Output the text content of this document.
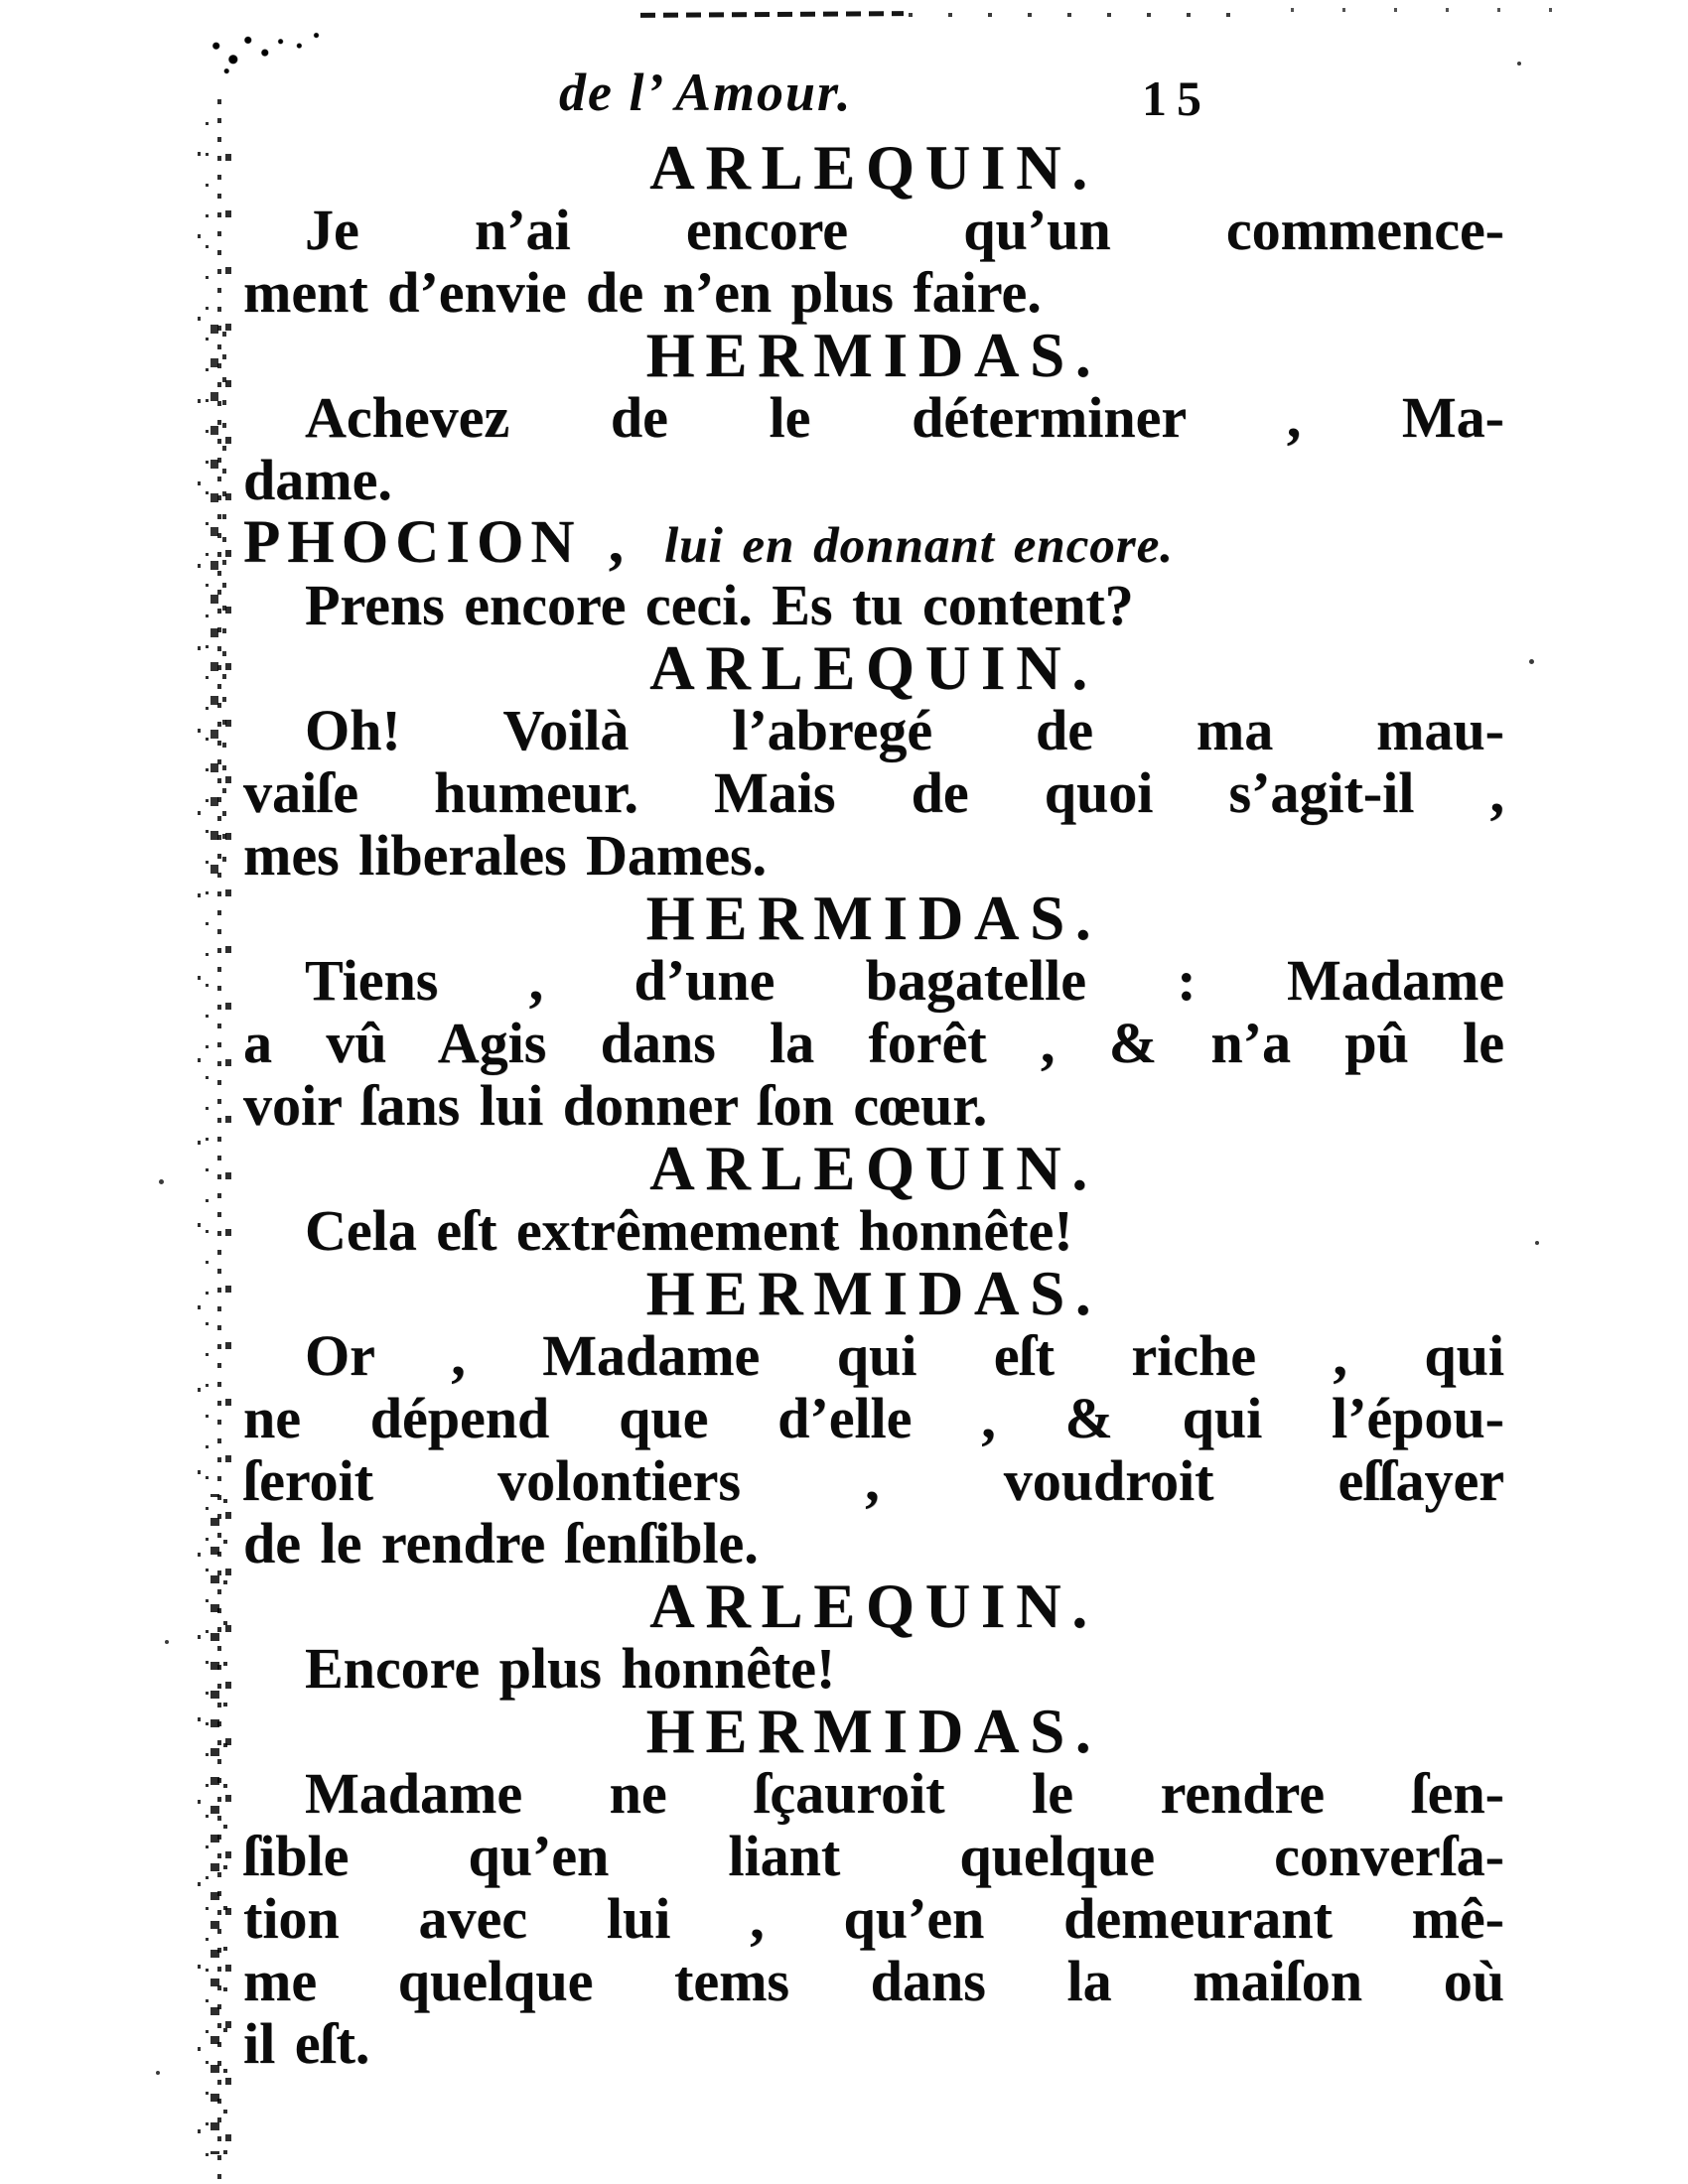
de l’ Amour.	15
ARLEQUIN.
Je n’ai encore qu’un commence-
ment d’envie de n’en plus faire.
HERMIDAS.
Achevez de le déterminer , Ma-
dame.
PHOCION , lui en donnant encore.
Prens encore ceci. Es tu content?
ARLEQUIN.
Oh! Voilà l’abregé de ma mau-
vaiſe humeur. Mais de quoi s’agit-il ,
mes liberales Dames.
HERMIDAS.
Tiens , d’une bagatelle : Madame
a vû Agis dans la forêt , & n’a pû le
voir ſans lui donner ſon cœur.
ARLEQUIN.
Cela eſt extrêmement honnête!
HERMIDAS.
Or , Madame qui eſt riche , qui
ne dépend que d’elle , & qui l’épou-
ſeroit volontiers , voudroit eſſayer
de le rendre ſenſible.
ARLEQUIN.
Encore plus honnête!
HERMIDAS.
Madame ne ſçauroit le rendre ſen-
ſible qu’en liant quelque converſa-
tion avec lui , qu’en demeurant mê-
me quelque tems dans la maiſon où
il eſt.
